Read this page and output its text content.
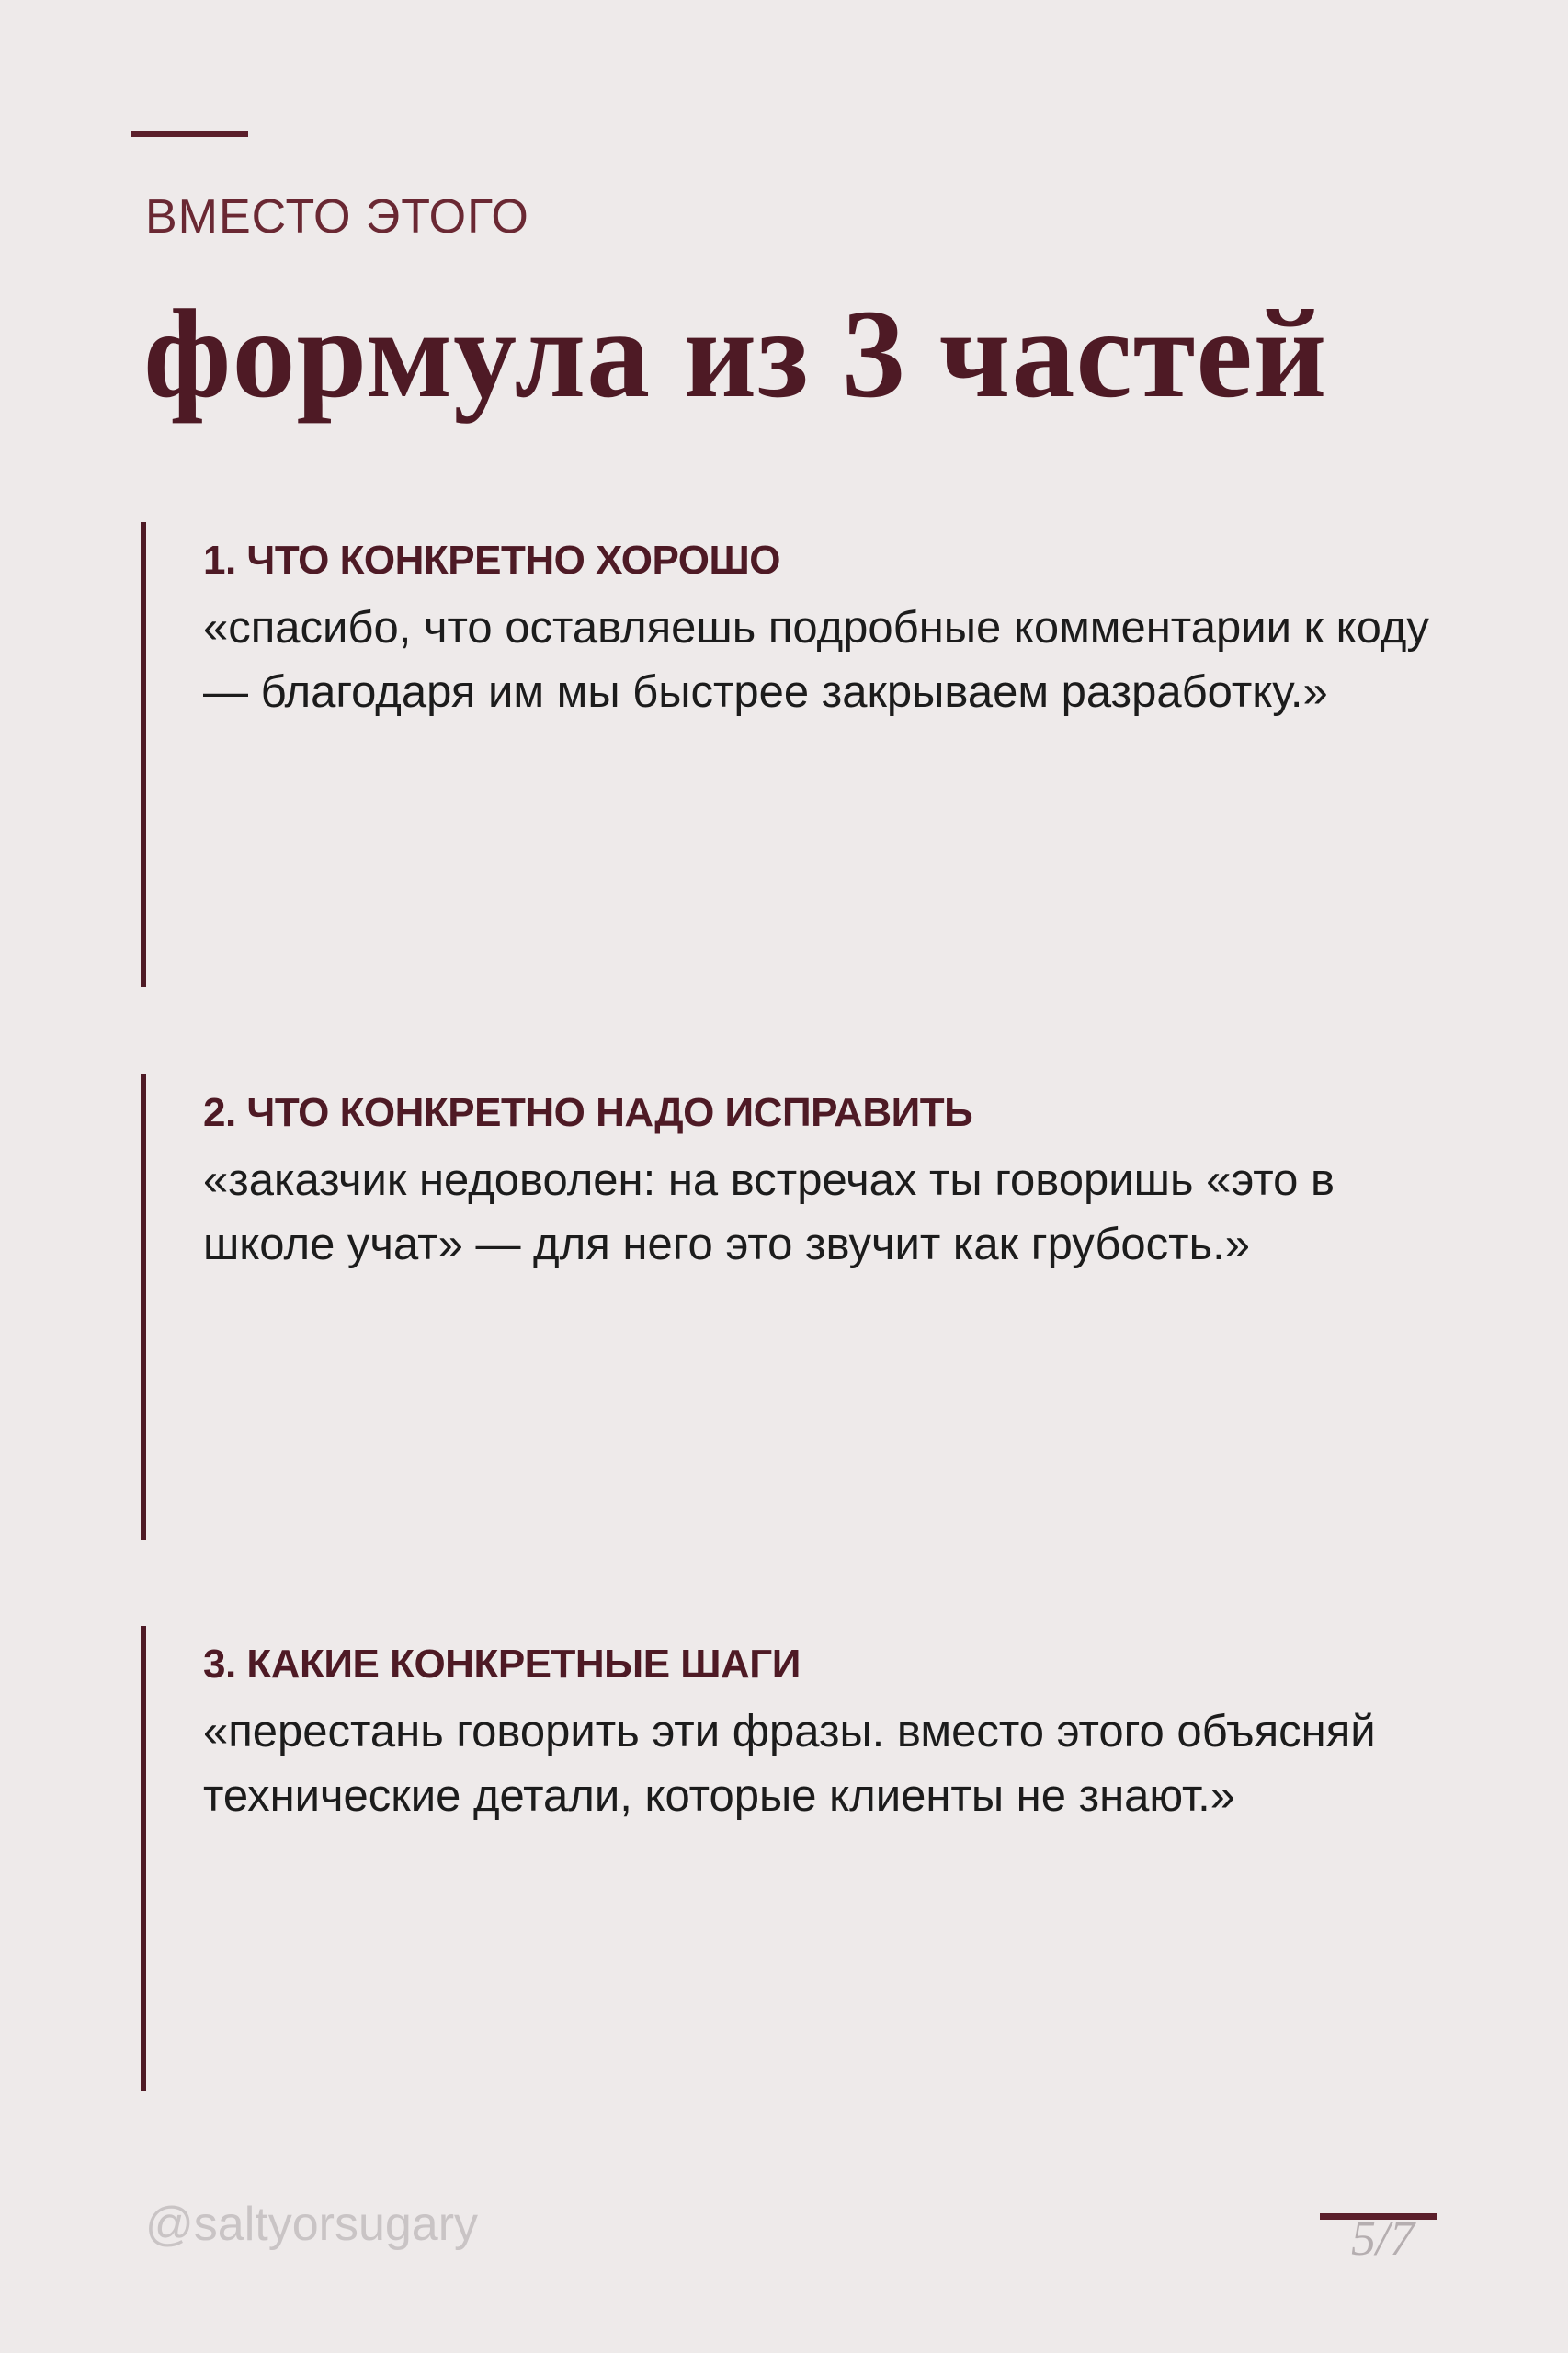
ВМЕСТО ЭТОГО
формула из 3 частей
1. ЧТО КОНКРЕТНО ХОРОШО
«спасибо, что оставляешь подробные комментарии к коду — благодаря им мы быстрее закрываем разработку.»
2. ЧТО КОНКРЕТНО НАДО ИСПРАВИТЬ
«заказчик недоволен: на встречах ты говоришь «это в школе учат» — для него это звучит как грубость.»
3. КАКИЕ КОНКРЕТНЫЕ ШАГИ
«перестань говорить эти фразы. вместо этого объясняй технические детали, которые клиенты не знают.»
@saltyorsugary	5/7
